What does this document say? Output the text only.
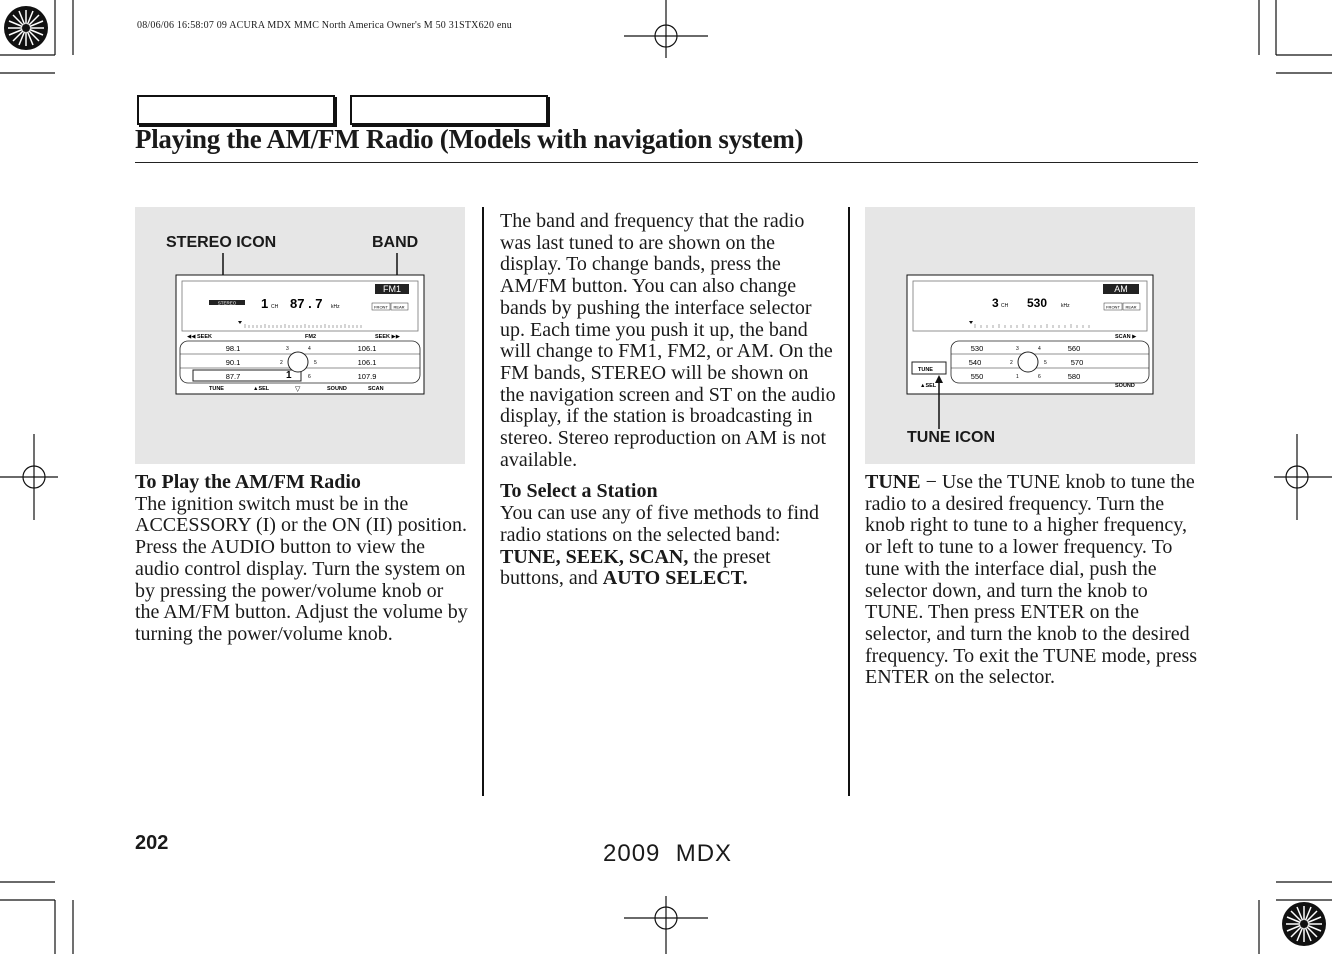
08/06/06 16:58:07 09 ACURA MDX MMC North America Owner's M 50 31STX620 enu
Playing the AM/FM Radio (Models with navigation system)
STEREO ICON	BAND
FM1
STEREO 1 CH 87 . 7 kHz	FRONT REAR
◀◀ SEEK	FM2	SEEK ▶▶
98.1
90.1
87.7
106.1
106.1
107.9
3
2
1
4
5
6
TUNE	▲SEL	▽	SOUND	SCAN
TUNE ICON
AM
3 CH 530	kHz	FRONT REAR
SCAN ▶
530
540
550
560
570
580
3
2
1
4
5
6
TUNE
▲SEL	SOUND
To Play the AM/FM Radio

The ignition switch must be in the ACCESSORY (I) or the ON (II) position. Press the AUDIO button to view the audio control display. Turn the system on by pressing the power/volume knob or the AM/FM button. Adjust the volume by turning the power/volume knob.

The band and frequency that the radio was last tuned to are shown on the display. To change bands, press the AM/FM button. You can also change bands by pushing the interface selector up. Each time you push it up, the band will change to FM1, FM2, or AM. On the FM bands, STEREO will be shown on the navigation screen and ST on the audio display, if the station is broadcasting in stereo. Stereo reproduction on AM is not available.

To Select a Station

You can use any of five methods to find radio stations on the selected band: TUNE, SEEK, SCAN, the preset buttons, and AUTO SELECT.

TUNE − Use the TUNE knob to tune the radio to a desired frequency. Turn the knob right to tune to a higher frequency, or left to tune to a lower frequency. To tune with the interface dial, push the selector down, and turn the knob to TUNE. Then press ENTER on the selector, and turn the knob to the desired frequency. To exit the TUNE mode, press ENTER on the selector.

202	2009  MDX
